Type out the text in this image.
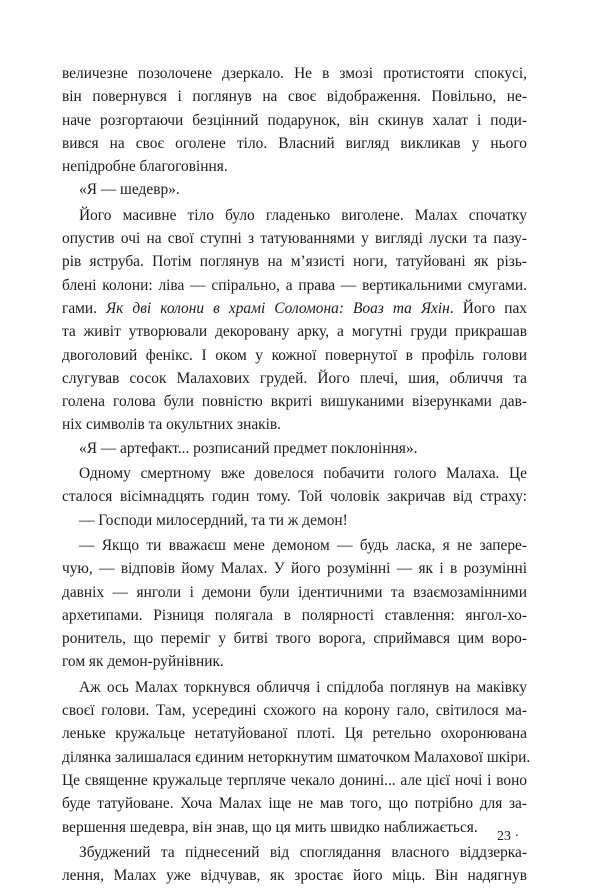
величезне позолочене дзеркало. Не в змозі протистояти спокусі,
він повернувся і поглянув на своє відображення. Повільно, не-
наче розгортаючи безцінний подарунок, він скинув халат і поди-
вився на своє оголене тіло. Власний вигляд викликав у нього
непідробне благоговіння.
«Я — шедевр».
Його масивне тіло було гладенько виголене. Малах спочатку
опустив очі на свої ступні з татуюваннями у вигляді луски та пазу-
рів яструба. Потім поглянув на м’язисті ноги, татуйовані як різь-
блені колони: ліва — спірально, а права — вертикальними смугами.
гами. Як дві колони в храмі Соломона: Воаз та Яхін. Його пах
та живіт утворювали декоровану арку, а могутні груди прикрашав
двоголовий фенікс. І оком у кожної повернутої в профіль голови
слугував сосок Малахових грудей. Його плечі, шия, обличчя та
голена голова були повністю вкриті вишуканими візерунками дав-
ніх символів та окультних знаків.
«Я — артефакт... розписаний предмет поклоніння».
Одному смертному вже довелося побачити голого Малаха. Це
сталося вісімнадцять годин тому. Той чоловік закричав від страху:
— Господи милосердний, та ти ж демон!
— Якщо ти вважаєш мене демоном — будь ласка, я не запере-
чую, — відповів йому Малах. У його розумінні — як і в розумінні
давніх — янголи і демони були ідентичними та взаємозамінними
архетипами. Різниця полягала в полярності ставлення: янгол-хо-
ронитель, що переміг у битві твого ворога, сприймався цим воро-
гом як демон-руйнівник.
Аж ось Малах торкнувся обличчя і спідлоба поглянув на маківку
своєї голови. Там, усередині схожого на корону гало, світилося ма-
леньке кружальце нетатуйованої плоті. Ця ретельно охоронювана
ділянка залишалася єдиним неторкнутим шматочком Малахової шкіри.
Це священне кружальце терпляче чекало донині... але цієї ночі і воно
буде татуйоване. Хоча Малах іще не мав того, що потрібно для за-
вершення шедевра, він знав, що ця мить швидко наближається.
Збуджений та піднесений від споглядання власного віддзерка-
лення, Малах уже відчував, як зростає його міць. Він надягнув
23 ·
